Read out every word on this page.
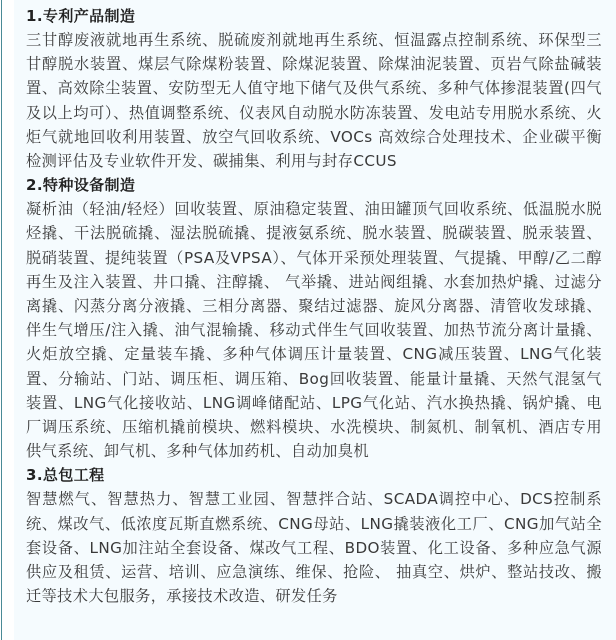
1.专利产品制造

三甘醇废液就地再生系统、脱硫废剂就地再生系统、恒温露点控制系统、环保型三甘醇脱水装置、煤层气除煤粉装置、除煤泥装置、除煤油泥装置、页岩气除盐碱装置、高效除尘装置、安防型无人值守地下储气及供气系统、多种气体掺混装置(四气及以上均可）、热值调整系统、仪表风自动脱水防冻装置、发电站专用脱水系统、火炬气就地回收利用装置、放空气回收系统、VOCs 高效综合处理技术、企业碳平衡检测评估及专业软件开发、碳捕集、利用与封存CCUS

2.特种设备制造

凝析油（轻油/轻烃）回收装置、原油稳定装置、油田罐顶气回收系统、低温脱水脱烃撬、干法脱硫撬、湿法脱硫撬、提液氨系统、脱水装置、脱碳装置、脱汞装置、脱硝装置、提纯装置（PSA及VPSA）、气体开采预处理装置、气提撬、甲醇/乙二醇再生及注入装置、井口撬、注醇撬、 气举撬、进站阀组撬、水套加热炉撬、过滤分离撬、闪蒸分离分液撬、三相分离器、聚结过滤器、旋风分离器、清管收发球撬、伴生气增压/注入撬、油气混输撬、移动式伴生气回收装置、加热节流分离计量撬、火炬放空撬、定量装车撬、多种气体调压计量装置、CNG减压装置、LNG气化装置、分输站、门站、调压柜、调压箱、Bog回收装置、能量计量撬、天然气混氢气装置、LNG气化接收站、LNG调峰储配站、LPG气化站、汽水换热撬、锅炉撬、电厂调压系统、压缩机撬前模块、燃料模块、水洗模块、制氮机、制氧机、酒店专用供气系统、卸气机、多种气体加药机、自动加臭机

3.总包工程

智慧燃气、智慧热力、智慧工业园、智慧拌合站、SCADA调控中心、DCS控制系统、煤改气、低浓度瓦斯直燃系统、CNG母站、LNG撬装液化工厂、CNG加气站全套设备、LNG加注站全套设备、煤改气工程、BDO装置、化工设备、多种应急气源供应及租赁、运营、培训、应急演练、维保、抢险、 抽真空、烘炉、整站技改、搬迁等技术大包服务，承接技术改造、研发任务
